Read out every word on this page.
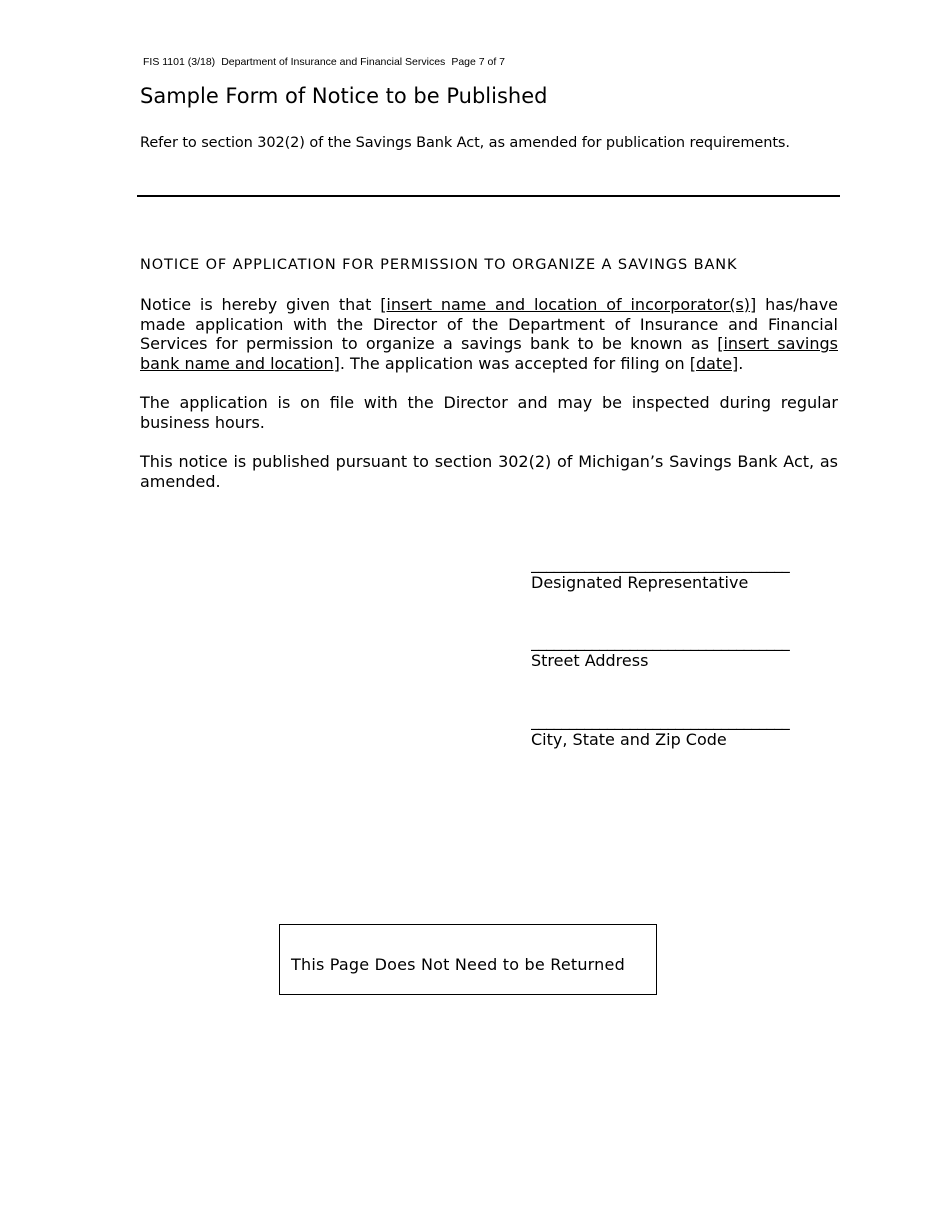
FIS 1101 (3/18) Department of Insurance and Financial Services Page 7 of 7
Sample Form of Notice to be Published
Refer to section 302(2) of the Savings Bank Act, as amended for publication requirements.
NOTICE OF APPLICATION FOR PERMISSION TO ORGANIZE A SAVINGS BANK

Notice is hereby given that [insert name and location of incorporator(s)] has/have made application with the Director of the Department of Insurance and Financial Services for permission to organize a savings bank to be known as [insert savings bank name and location]. The application was accepted for filing on [date].

The application is on file with the Director and may be inspected during regular business hours.

This notice is published pursuant to section 302(2) of Michigan’s Savings Bank Act, as amended.

__________________________________
Designated Representative
__________________________________
Street Address
__________________________________
City, State and Zip Code
This Page Does Not Need to be Returned
